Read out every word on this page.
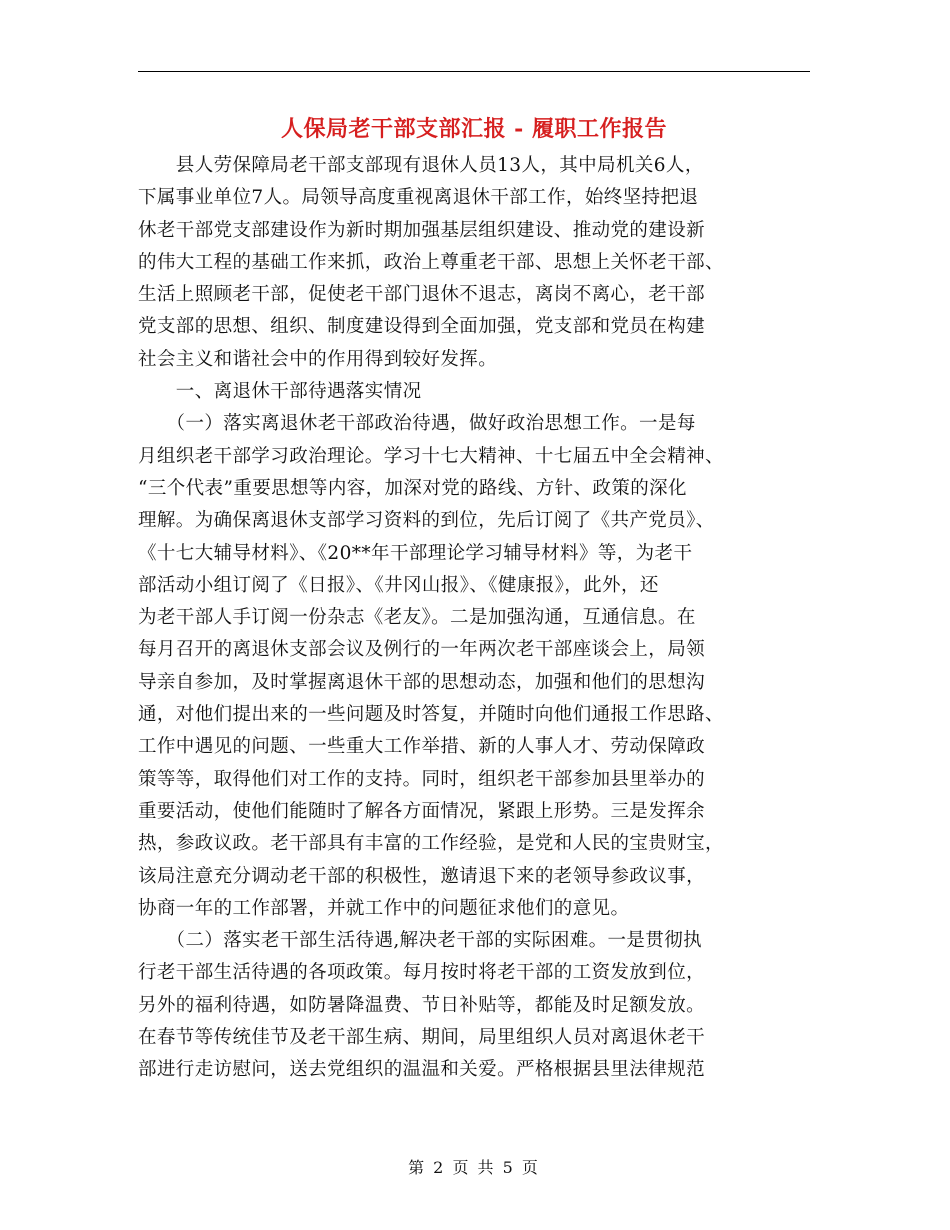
人保局老干部支部汇报 - 履职工作报告
　　县人劳保障局老干部支部现有退休人员13人，其中局机关6人，
下属事业单位7人。局领导高度重视离退休干部工作，始终坚持把退
休老干部党支部建设作为新时期加强基层组织建设、推动党的建设新
的伟大工程的基础工作来抓，政治上尊重老干部、思想上关怀老干部、
生活上照顾老干部，促使老干部门退休不退志，离岗不离心，老干部
党支部的思想、组织、制度建设得到全面加强，党支部和党员在构建
社会主义和谐社会中的作用得到较好发挥。
　　一、离退休干部待遇落实情况
　　（一）落实离退休老干部政治待遇，做好政治思想工作。一是每
月组织老干部学习政治理论。学习十七大精神、十七届五中全会精神、
“三个代表”重要思想等内容，加深对党的路线、方针、政策的深化
理解。为确保离退休支部学习资料的到位，先后订阅了《共产党员》、
《十七大辅导材料》、《20**年干部理论学习辅导材料》等，为老干
部活动小组订阅了《日报》、《井冈山报》、《健康报》，此外，还
为老干部人手订阅一份杂志《老友》。二是加强沟通，互通信息。在
每月召开的离退休支部会议及例行的一年两次老干部座谈会上，局领
导亲自参加，及时掌握离退休干部的思想动态，加强和他们的思想沟
通，对他们提出来的一些问题及时答复，并随时向他们通报工作思路、
工作中遇见的问题、一些重大工作举措、新的人事人才、劳动保障政
策等等，取得他们对工作的支持。同时，组织老干部参加县里举办的
重要活动，使他们能随时了解各方面情况，紧跟上形势。三是发挥余
热，参政议政。老干部具有丰富的工作经验，是党和人民的宝贵财宝，
该局注意充分调动老干部的积极性，邀请退下来的老领导参政议事，
协商一年的工作部署，并就工作中的问题征求他们的意见。
　　（二）落实老干部生活待遇,解决老干部的实际困难。一是贯彻执
行老干部生活待遇的各项政策。每月按时将老干部的工资发放到位，
另外的福利待遇，如防暑降温费、节日补贴等，都能及时足额发放。
在春节等传统佳节及老干部生病、期间，局里组织人员对离退休老干
部进行走访慰问，送去党组织的温温和关爱。严格根据县里法律规范
第 2 页 共 5 页
